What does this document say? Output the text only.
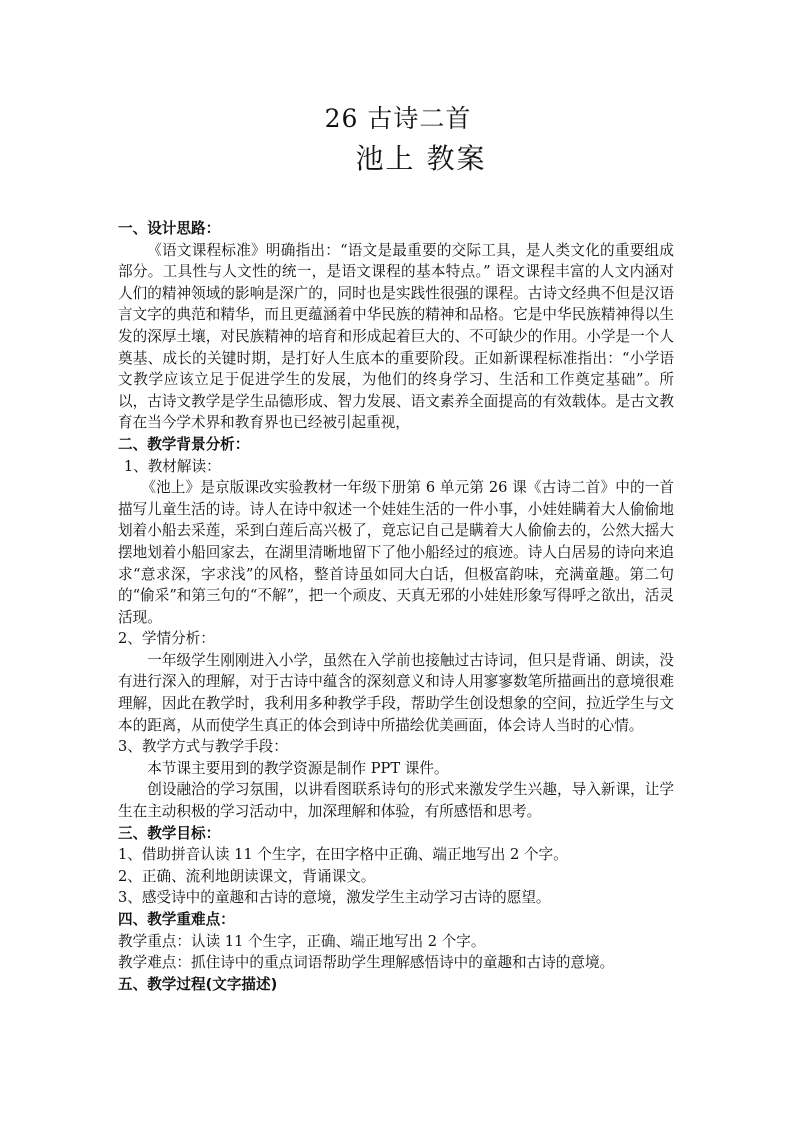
26 古诗二首
池上 教案

一、设计思路：

《语文课程标准》明确指出：“语文是最重要的交际工具，是人类文化的重要组成部分。工具性与人文性的统一，是语文课程的基本特点。” 语文课程丰富的人文内涵对人们的精神领域的影响是深广的，同时也是实践性很强的课程。古诗文经典不但是汉语言文字的典范和精华，而且更蕴涵着中华民族的精神和品格。它是中华民族精神得以生发的深厚土壤，对民族精神的培育和形成起着巨大的、不可缺少的作用。小学是一个人奠基、成长的关键时期，是打好人生底本的重要阶段。正如新课程标准指出：“小学语文教学应该立足于促进学生的发展，为他们的终身学习、生活和工作奠定基础”。所以，古诗文教学是学生品德形成、智力发展、语文素养全面提高的有效载体。是古文教育在当今学术界和教育界也已经被引起重视，

二、教学背景分析：

1、教材解读：

《池上》是京版课改实验教材一年级下册第 6 单元第 26 课《古诗二首》中的一首描写儿童生活的诗。诗人在诗中叙述一个娃娃生活的一件小事，小娃娃瞒着大人偷偷地划着小船去采莲，采到白莲后高兴极了，竟忘记自己是瞒着大人偷偷去的，公然大摇大摆地划着小船回家去，在湖里清晰地留下了他小船经过的痕迹。诗人白居易的诗向来追求“意求深，字求浅”的风格，整首诗虽如同大白话，但极富韵味，充满童趣。第二句的“偷采”和第三句的“不解”，把一个顽皮、天真无邪的小娃娃形象写得呼之欲出，活灵活现。

2、学情分析：

一年级学生刚刚进入小学，虽然在入学前也接触过古诗词，但只是背诵、朗读，没有进行深入的理解，对于古诗中蕴含的深刻意义和诗人用寥寥数笔所描画出的意境很难理解，因此在教学时，我利用多种教学手段，帮助学生创设想象的空间，拉近学生与文本的距离，从而使学生真正的体会到诗中所描绘优美画面，体会诗人当时的心情。

3、教学方式与教学手段：

本节课主要用到的教学资源是制作 PPT 课件。

创设融洽的学习氛围，以讲看图联系诗句的形式来激发学生兴趣，导入新课，让学生在主动积极的学习活动中，加深理解和体验，有所感悟和思考。

三、教学目标：

1、借助拼音认读 11 个生字，在田字格中正确、端正地写出 2 个字。

2、正确、流利地朗读课文，背诵课文。

3、感受诗中的童趣和古诗的意境，激发学生主动学习古诗的愿望。

四、教学重难点：

教学重点：认读 11 个生字，正确、端正地写出 2 个字。

教学难点：抓住诗中的重点词语帮助学生理解感悟诗中的童趣和古诗的意境。

五、教学过程(文字描述)
